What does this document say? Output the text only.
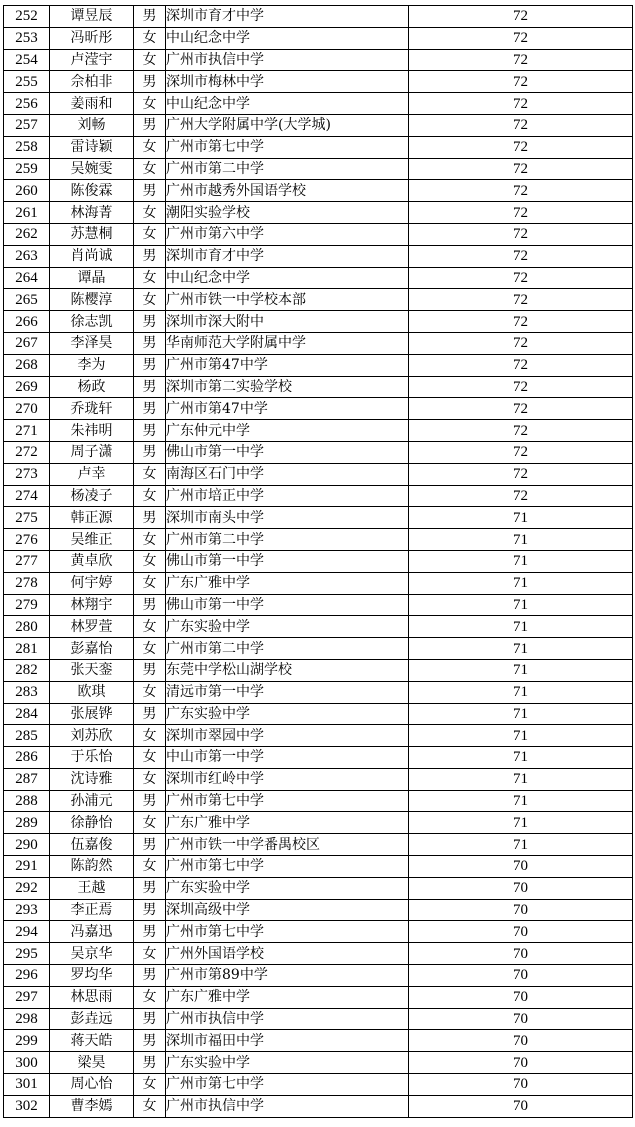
252	谭昱辰	男	深圳市育才中学	72
253	冯昕彤	女	中山纪念中学	72
254	卢滢宇	女	广州市执信中学	72
255	佘柏非	男	深圳市梅林中学	72
256	姜雨和	女	中山纪念中学	72
257	刘畅	男	广州大学附属中学(大学城)	72
258	雷诗颖	女	广州市第七中学	72
259	吴婉雯	女	广州市第二中学	72
260	陈俊霖	男	广州市越秀外国语学校	72
261	林海菁	女	潮阳实验学校	72
262	苏慧桐	女	广州市第六中学	72
263	肖尚诚	男	深圳市育才中学	72
264	谭晶	女	中山纪念中学	72
265	陈樱淳	女	广州市铁一中学校本部	72
266	徐志凯	男	深圳市深大附中	72
267	李泽昊	男	华南师范大学附属中学	72
268	李为	男	广州市第47中学	72
269	杨政	男	深圳市第二实验学校	72
270	乔珑轩	男	广州市第47中学	72
271	朱祎明	男	广东仲元中学	72
272	周子潇	男	佛山市第一中学	72
273	卢幸	女	南海区石门中学	72
274	杨凌子	女	广州市培正中学	72
275	韩正源	男	深圳市南头中学	71
276	吴维正	女	广州市第二中学	71
277	黄卓欣	女	佛山市第一中学	71
278	何宇婷	女	广东广雅中学	71
279	林翔宇	男	佛山市第一中学	71
280	林罗萱	女	广东实验中学	71
281	彭嘉怡	女	广州市第二中学	71
282	张天銮	男	东莞中学松山湖学校	71
283	欧琪	女	清远市第一中学	71
284	张展铧	男	广东实验中学	71
285	刘苏欣	女	深圳市翠园中学	71
286	于乐怡	女	中山市第一中学	71
287	沈诗雅	女	深圳市红岭中学	71
288	孙浦元	男	广州市第七中学	71
289	徐静怡	女	广东广雅中学	71
290	伍嘉俊	男	广州市铁一中学番禺校区	71
291	陈韵然	女	广州市第七中学	70
292	王越	男	广东实验中学	70
293	李正焉	男	深圳高级中学	70
294	冯嘉迅	男	广州市第七中学	70
295	吴京华	女	广州外国语学校	70
296	罗均华	男	广州市第89中学	70
297	林思雨	女	广东广雅中学	70
298	彭垚远	男	广州市执信中学	70
299	蒋天皓	男	深圳市福田中学	70
300	梁昊	男	广东实验中学	70
301	周心怡	女	广州市第七中学	70
302	曹李嫣	女	广州市执信中学	70
